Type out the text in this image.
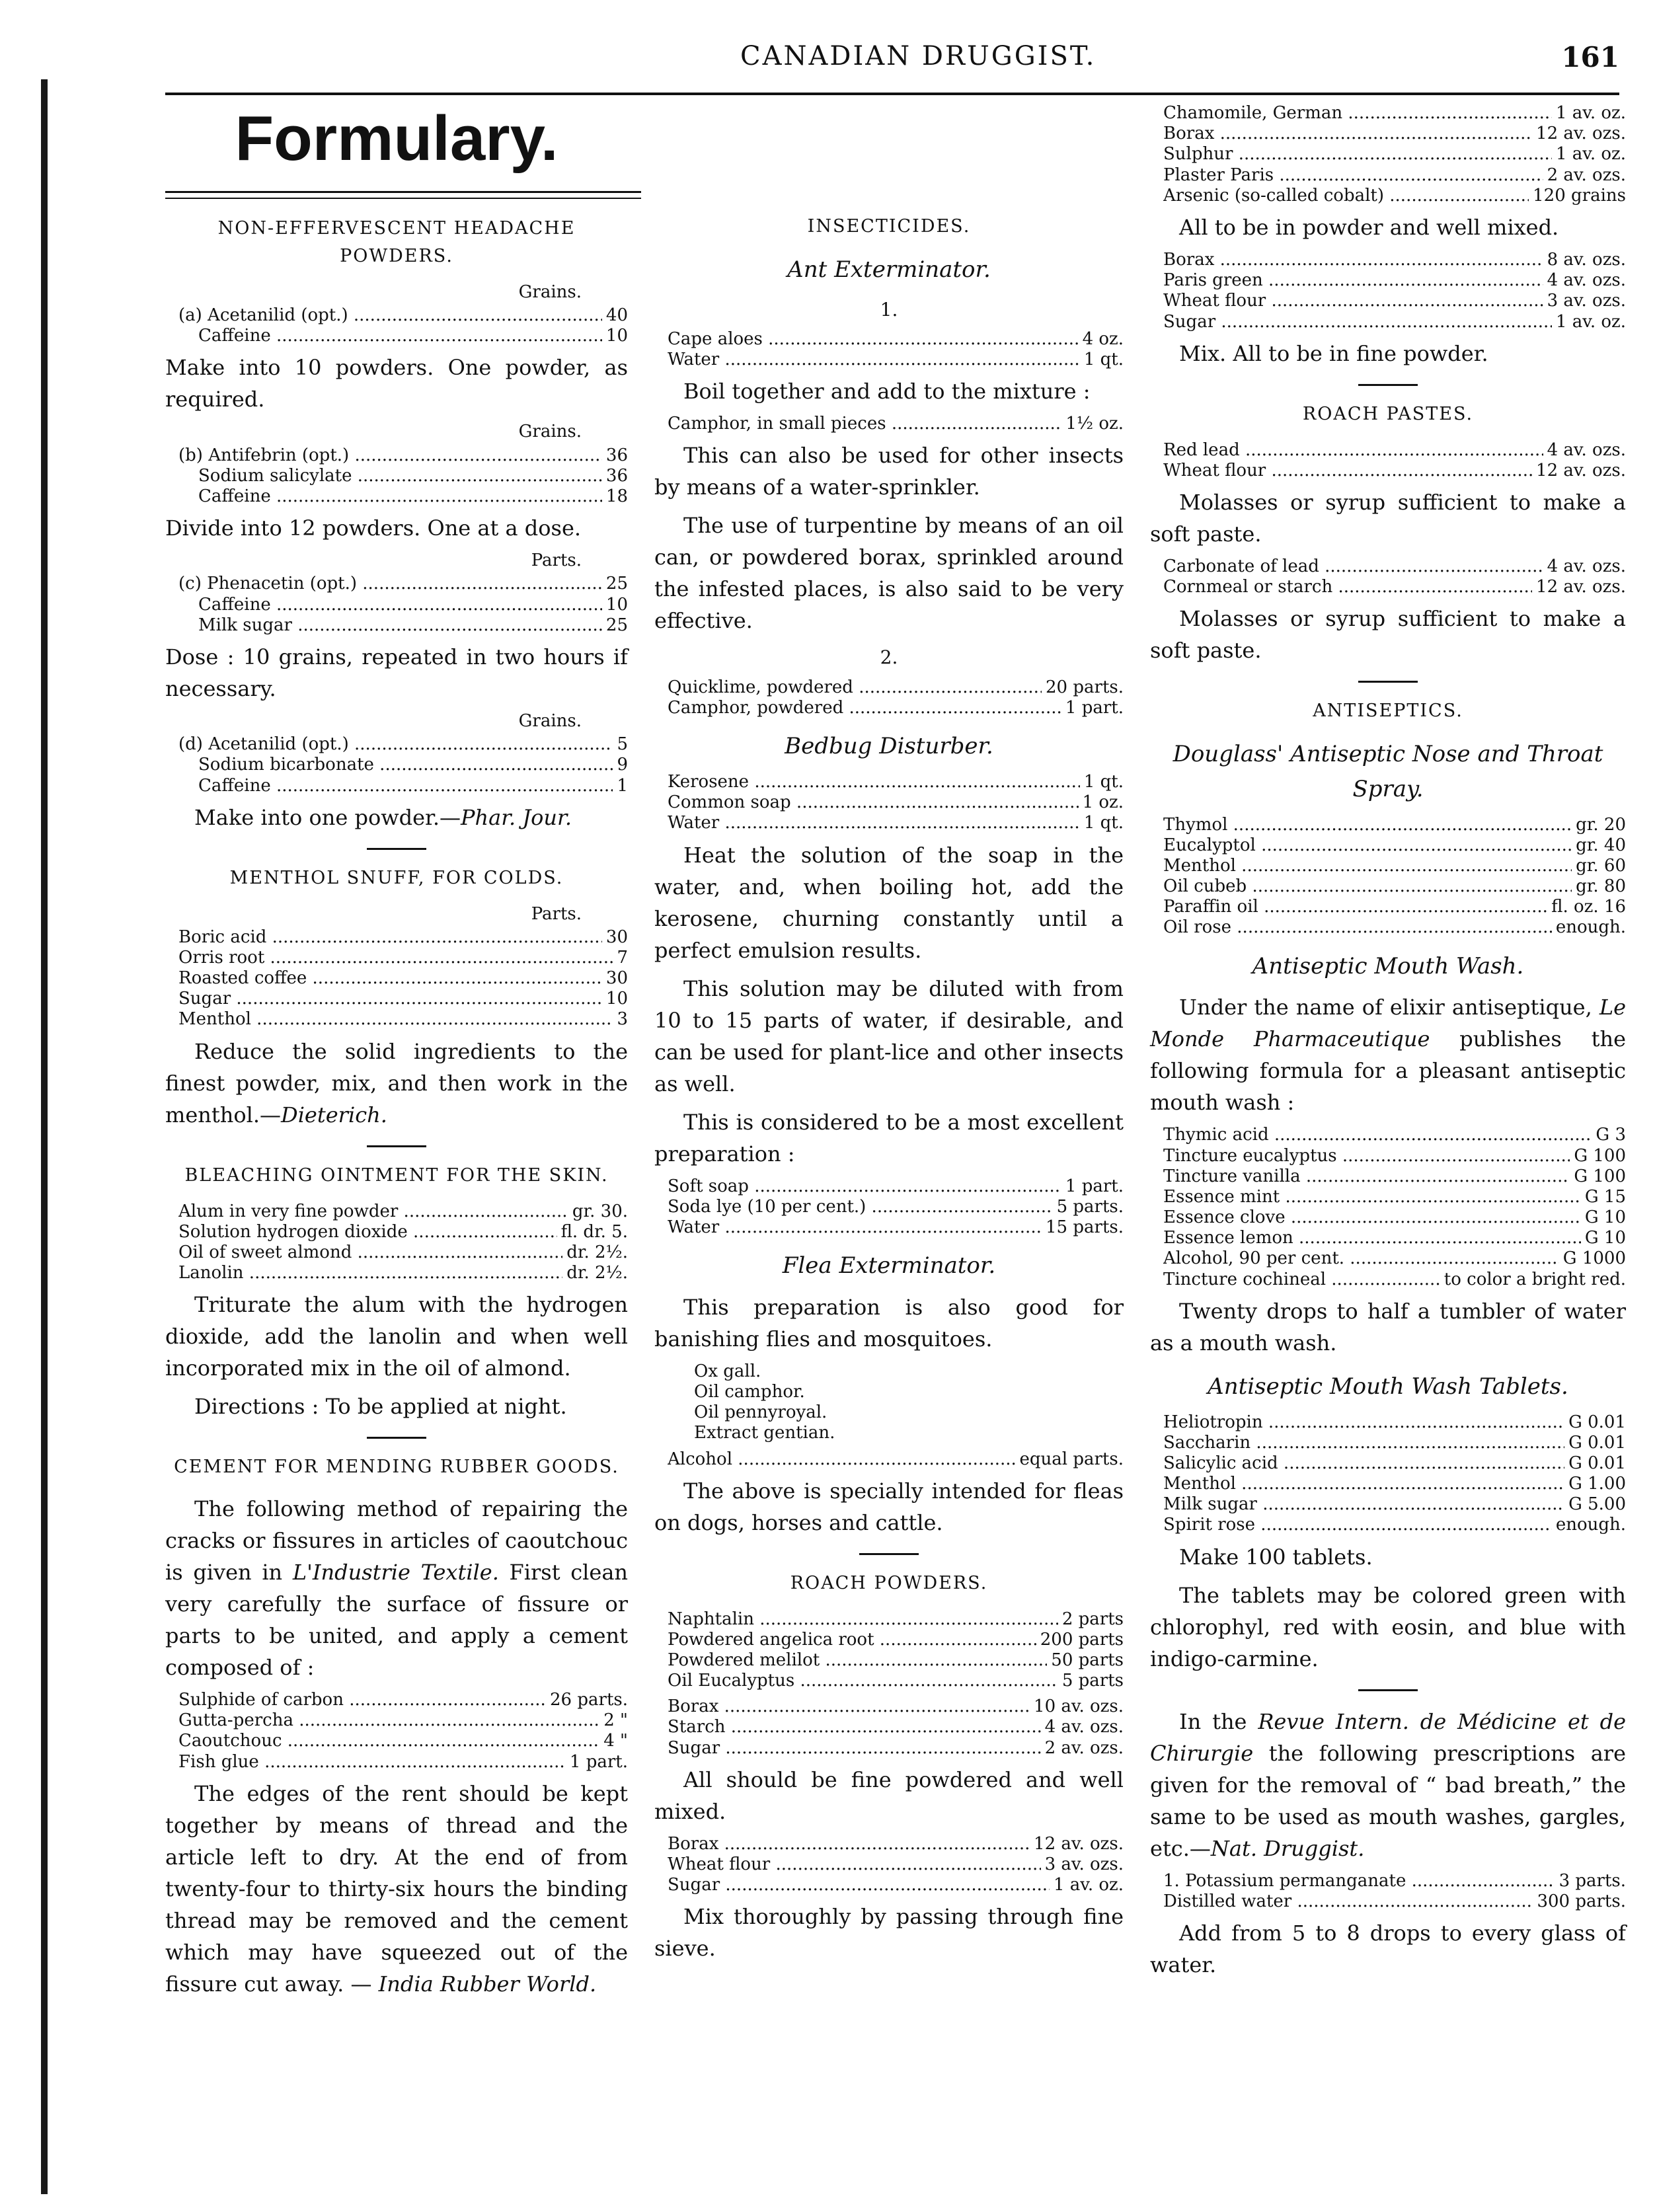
CANADIAN DRUGGIST.	161
Formulary.
NON-EFFERVESCENT HEADACHE POWDERS.
Grains.
(a) Acetanilid (opt.) .....	40
Caffeine .....	10

Make into 10 powders. One powder, as required.

Grains.
(b) Antifebrin (opt.) .....	36
Sodium salicylate .....	36
Caffeine .....	18

Divide into 12 powders. One at a dose.

Parts.
(c) Phenacetin (opt.) .....	25
Caffeine .....	10
Milk sugar .....	25

Dose : 10 grains, repeated in two hours if necessary.

Grains.
(d) Acetanilid (opt.) .....	5
Sodium bicarbonate .....	9
Caffeine .....	1

Make into one powder.—Phar. Jour.

MENTHOL SNUFF, FOR COLDS.
Parts.
Boric acid .....	30
Orris root .....	7
Roasted coffee .....	30
Sugar .....	10
Menthol .....	3

Reduce the solid ingredients to the finest powder, mix, and then work in the menthol.—Dieterich.

BLEACHING OINTMENT FOR THE SKIN.
Alum in very fine powder .....	gr. 30.
Solution hydrogen dioxide .....	fl. dr. 5.
Oil of sweet almond .....	dr. 2½.
Lanolin .....	dr. 2½.

Triturate the alum with the hydrogen dioxide, add the lanolin and when well incorporated mix in the oil of almond.

Directions : To be applied at night.

CEMENT FOR MENDING RUBBER GOODS.

The following method of repairing the cracks or fissures in articles of caoutchouc is given in L'Industrie Textile. First clean very carefully the surface of fissure or parts to be united, and apply a cement composed of :

Sulphide of carbon .....	26 parts.
Gutta-percha .....	2 "
Caoutchouc .....	4 "
Fish glue .....	1 part.

The edges of the rent should be kept together by means of thread and the article left to dry. At the end of from twenty-four to thirty-six hours the binding thread may be removed and the cement which may have squeezed out of the fissure cut away. — India Rubber World.

INSECTICIDES.
Ant Exterminator.
1.
Cape aloes .....	4 oz.
Water .....	1 qt.

Boil together and add to the mixture :

Camphor, in small pieces .....	1½ oz.

This can also be used for other insects by means of a water-sprinkler.

The use of turpentine by means of an oil can, or powdered borax, sprinkled around the infested places, is also said to be very effective.

2.
Quicklime, powdered .....	20 parts.
Camphor, powdered .....	1 part.
Bedbug Disturber.
Kerosene .....	1 qt.
Common soap .....	1 oz.
Water .....	1 qt.

Heat the solution of the soap in the water, and, when boiling hot, add the kerosene, churning constantly until a perfect emulsion results.

This solution may be diluted with from 10 to 15 parts of water, if desirable, and can be used for plant-lice and other insects as well.

This is considered to be a most excellent preparation :

Soft soap .....	1 part.
Soda lye (10 per cent.) .....	5 parts.
Water .....	15 parts.
Flea Exterminator.

This preparation is also good for banishing flies and mosquitoes.

Ox gall.
Oil camphor.
Oil pennyroyal.
Extract gentian.
Alcohol .....	equal parts.

The above is specially intended for fleas on dogs, horses and cattle.

ROACH POWDERS.
Naphtalin .....	2 parts
Powdered angelica root .....	200 parts
Powdered melilot .....	50 parts
Oil Eucalyptus .....	5 parts
Borax .....	10 av. ozs.
Starch .....	4 av. ozs.
Sugar .....	2 av. ozs.

All should be fine powdered and well mixed.

Borax .....	12 av. ozs.
Wheat flour .....	3 av. ozs.
Sugar .....	1 av. oz.

Mix thoroughly by passing through fine sieve.

Chamomile, German .....	1 av. oz.
Borax .....	12 av. ozs.
Sulphur .....	1 av. oz.
Plaster Paris .....	2 av. ozs.
Arsenic (so-called cobalt) .....	120 grains

All to be in powder and well mixed.

Borax .....	8 av. ozs.
Paris green .....	4 av. ozs.
Wheat flour .....	3 av. ozs.
Sugar .....	1 av. oz.

Mix. All to be in fine powder.

ROACH PASTES.
Red lead .....	4 av. ozs.
Wheat flour .....	12 av. ozs.

Molasses or syrup sufficient to make a soft paste.

Carbonate of lead .....	4 av. ozs.
Cornmeal or starch .....	12 av. ozs.

Molasses or syrup sufficient to make a soft paste.

ANTISEPTICS.
Douglass' Antiseptic Nose and Throat Spray.
Thymol .....	gr. 20
Eucalyptol .....	gr. 40
Menthol .....	gr. 60
Oil cubeb .....	gr. 80
Paraffin oil .....	fl. oz. 16
Oil rose .....	enough.
Antiseptic Mouth Wash.

Under the name of elixir antiseptique, Le Monde Pharmaceutique publishes the following formula for a pleasant antiseptic mouth wash :

Thymic acid .....	G 3
Tincture eucalyptus .....	G 100
Tincture vanilla .....	G 100
Essence mint .....	G 15
Essence clove .....	G 10
Essence lemon .....	G 10
Alcohol, 90 per cent. .....	G 1000
Tincture cochineal .....	to color a bright red.

Twenty drops to half a tumbler of water as a mouth wash.

Antiseptic Mouth Wash Tablets.
Heliotropin .....	G 0.01
Saccharin .....	G 0.01
Salicylic acid .....	G 0.01
Menthol .....	G 1.00
Milk sugar .....	G 5.00
Spirit rose .....	enough.

Make 100 tablets.

The tablets may be colored green with chlorophyl, red with eosin, and blue with indigo-carmine.

In the Revue Intern. de Médicine et de Chirurgie the following prescriptions are given for the removal of “ bad breath,” the same to be used as mouth washes, gargles, etc.—Nat. Druggist.

1. Potassium permanganate .....	3 parts.
Distilled water .....	300 parts.

Add from 5 to 8 drops to every glass of water.
